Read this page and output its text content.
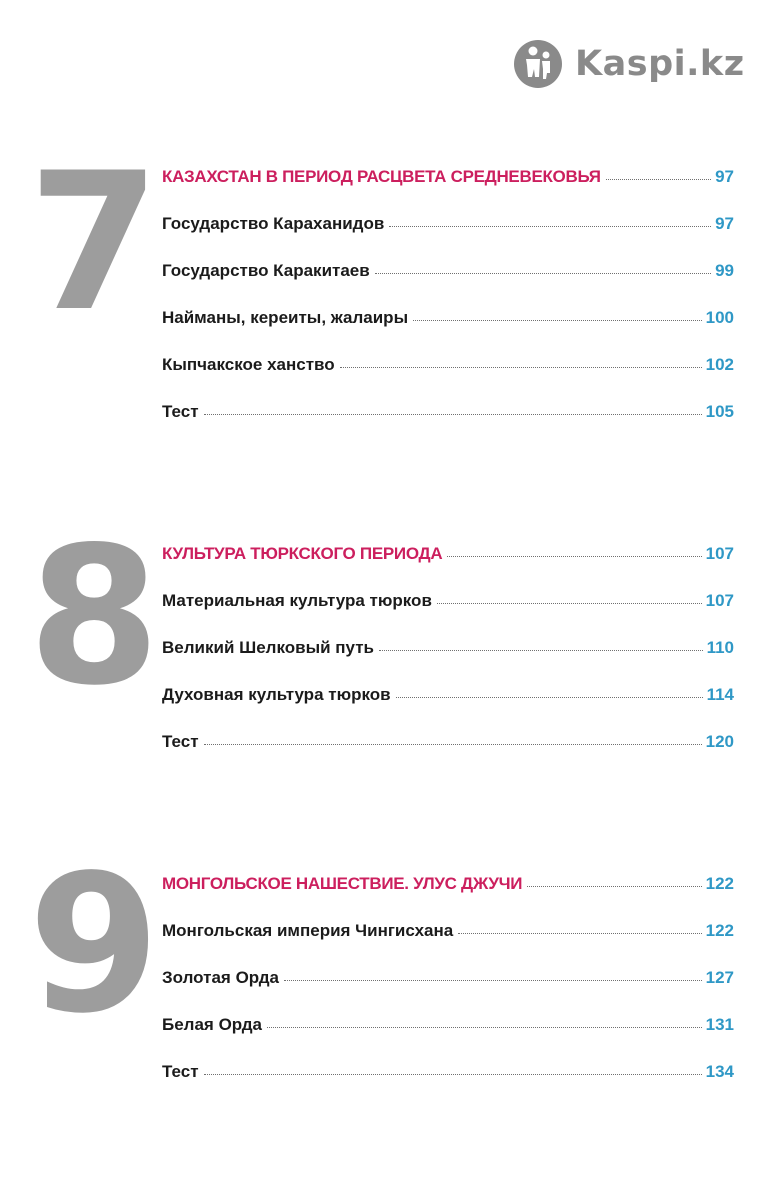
Kaspi.kz
7 КАЗАХСТАН В ПЕРИОД РАСЦВЕТА СРЕДНЕВЕКОВЬЯ	97
Государство Караханидов	97
Государство Каракитаев	99
Найманы, кереиты, жалаиры	100
Кыпчакское ханство	102
Тест	105
8 КУЛЬТУРА ТЮРКСКОГО ПЕРИОДА	107
Материальная культура тюрков	107
Великий Шелковый путь	110
Духовная культура тюрков	114
Тест	120
9 МОНГОЛЬСКОЕ НАШЕСТВИЕ. УЛУС ДЖУЧИ	122
Монгольская империя Чингисхана	122
Золотая Орда	127
Белая Орда	131
Тест	134
